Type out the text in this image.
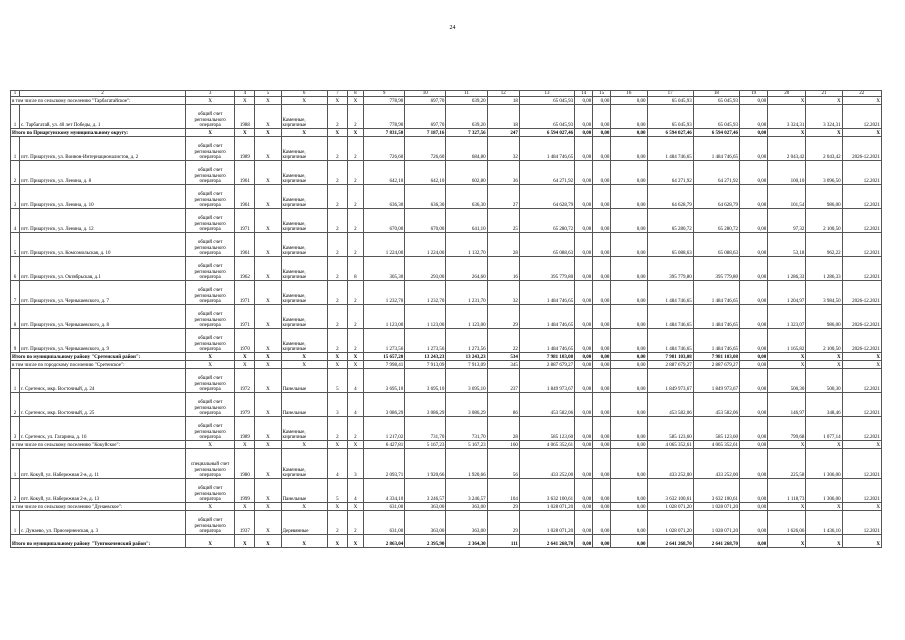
24
1	2	3	4	5	6	7	8	9	10	11	12	13	14	15	16	17	18	19	20	21	22
в том числе по сельскому поселению "Тарбагатайское":		X	X	X	X	X	X	778,90	697,70	639,20	18	65 045,93	0,00	0,00	0,00	65 045,93	65 045,93	0,00	X	X	X
1	с. Тарбагатай, ул. 40 лет Победы, д. 1	общий счет регионального оператора	1988	X	Каменные, кирпичные	2	2	778,90	697,70	639,20	18	65 045,93	0,00	0,00	0,00	65 045,93	65 045,93	0,00	3 324,31	3 324,31	12.2021
Итого по Приаргунскому муниципальному округу:		X	X	X	X	X	X	7 831,50	7 187,16	7 327,56	247	6 594 027,46	0,00	0,00	0,00	6 594 027,46	6 594 027,46	0,00	X	X	X
1	пгт. Приаргунск, ул. Воинов-Интернационалистов, д. 2	общий счет регионального оператора	1989	X	Каменные, кирпичные	2	2	726,60	726,60	684,80	32	1 484 746,65	0,00	0,00	0,00	1 484 746,65	1 484 746,65	0,00	2 043,42	2 043,42	2026-12.2021
2	пгт. Приаргунск, ул. Ленина, д. 8	общий счет регионального оператора	1961	X	Каменные, кирпичные	2	2	642,10	642,10	602,80	36	64 271,92	0,00	0,00	0,00	64 271,92	64 271,92	0,00	100,10	3 096,50	12.2021
3	пгт. Приаргунск, ул. Ленина, д. 10	общий счет регионального оператора	1961	X	Каменные, кирпичные	2	2	636,30	636,30	636,30	27	64 628,79	0,00	0,00	0,00	64 628,79	64 628,79	0,00	101,54	986,00	12.2021
4	пгт. Приаргунск, ул. Ленина, д. 12	общий счет регионального оператора	1971	X	Каменные, кирпичные	2	2	670,00	670,00	641,10	25	65 280,72	0,00	0,00	0,00	65 280,72	65 280,72	0,00	97,32	2 100,50	12.2021
5	пгт. Приаргунск, ул. Комсомольская, д. 10	общий счет регионального оператора	1961	X	Каменные, кирпичные	2	2	1 224,00	1 224,00	1 132,70	28	65 088,63	0,00	0,00	0,00	65 088,63	65 088,63	0,00	53,18	962,22	12.2021
6	пгт. Приаргунск, ул. Октябрьская, д.1	общий счет регионального оператора	1962	X	Каменные, кирпичные	2	8	305,30	293,00	264,60	16	395 779,80	0,00	0,00	0,00	395 779,80	395 779,80	0,00	1 286,33	1 286,33	12.2021
7	пгт. Приаргунск, ул. Чернышевского, д. 7	общий счет регионального оператора	1971	X	Каменные, кирпичные	2	2	1 232,70	1 232,70	1 231,70	32	1 484 746,65	0,00	0,00	0,00	1 484 746,65	1 484 746,65	0,00	1 204,97	3 984,50	2026-12.2021
8	пгт. Приаргунск, ул. Чернышевского, д. 8	общий счет регионального оператора	1971	X	Каменные, кирпичные	2	2	1 123,00	1 123,00	1 123,00	29	1 484 746,65	0,00	0,00	0,00	1 484 746,65	1 484 746,65	0,00	1 323,07	986,00	2026-12.2021
9	пгт. Приаргунск, ул. Чернышевского, д. 9	общий счет регионального оператора	1970	X	Каменные, кирпичные	2	2	1 273,56	1 273,56	1 273,56	22	1 484 746,65	0,00	0,00	0,00	1 484 746,65	1 484 746,65	0,00	1 165,82	2 100,50	2026-12.2021
Итого по муниципальному району "Сретенский район":		X	X	X	X	X	X	15 657,20	13 243,23	13 243,23	534	7 981 103,08	0,00	0,00	0,00	7 981 103,08	7 981 103,08	0,00	X	X	X
в том числе по городскому поселению "Сретенское":		X	X	X	X	X	X	7 998,41	7 913,09	7 913,09	345	2 887 679,27	0,00	0,00	0,00	2 887 679,27	2 887 679,27	0,00	X	X	X
1	г. Сретенск, мкр. Восточный, д. 24	общий счет регионального оператора	1972	X	Панельные	5	4	3 695,10	3 695,10	3 695,10	237	1 849 973,67	0,00	0,00	0,00	1 849 973,67	1 849 973,67	0,00	500,30	500,30	12.2021
2	г. Сретенск, мкр. Восточный, д. 25	общий счет регионального оператора	1979	X	Панельные	3	4	3 086,29	3 086,29	3 086,29	86	453 582,06	0,00	0,00	0,00	453 582,06	453 582,06	0,00	146,97	348,46	12.2021
3	г. Сретенск, ул. Гагарина, д. 16	общий счет регионального оператора	1989	X	Каменные, кирпичные	2	2	1 217,02	731,70	731,70	28	585 123,60	0,00	0,00	0,00	585 123,60	585 123,60	0,00	799,68	1 077,14	12.2021
в том числе по сельскому поселению "Кокуйское":		X	X	X	X	X	X	6 427,81	5 167,23	5 167,23	160	4 065 352,61	0,00	0,00	0,00	4 065 352,61	4 065 352,61	0,00	X	X	X
1	пгт. Кокуй, ул. Набережная 2-я, д. 11	специальный счет регионального оператора	1980	X	Каменные, кирпичные	4	3	2 093,71	1 920,66	1 920,66	56	433 252,00	0,00	0,00	0,00	433 252,00	433 252,00	0,00	225,58	1 306,00	12.2021
2	пгт. Кокуй, ул. Набережная 2-я, д. 13	общий счет регионального оператора	1999	X	Панельные	5	4	4 334,10	3 246,57	3 246,57	104	3 632 100,61	0,00	0,00	0,00	3 632 100,61	3 632 100,61	0,00	1 118,73	1 306,00	12.2021
в том числе по сельскому поселению "Дунаевское":		X	X	X	X	X	X	631,00	363,00	363,00	29	1 028 071,20	0,00	0,00	0,00	1 028 071,20	1 028 071,20	0,00	X	X	X
1	с. Дунаево, ул. Приозерненская, д. 3	общий счет регионального оператора	1937	X	Деревянные	2	2	631,00	363,00	363,00	29	1 028 071,20	0,00	0,00	0,00	1 028 071,20	1 028 071,20	0,00	1 626,06	1 436,10	12.2021
Итого по муниципальному району "Тунгокоченский район":		X	X	X	X	X	X	2 863,04	2 395,90	2 364,30	111	2 641 268,70	0,00	0,00	0,00	2 641 268,70	2 641 268,70	0,00	X	X	X
